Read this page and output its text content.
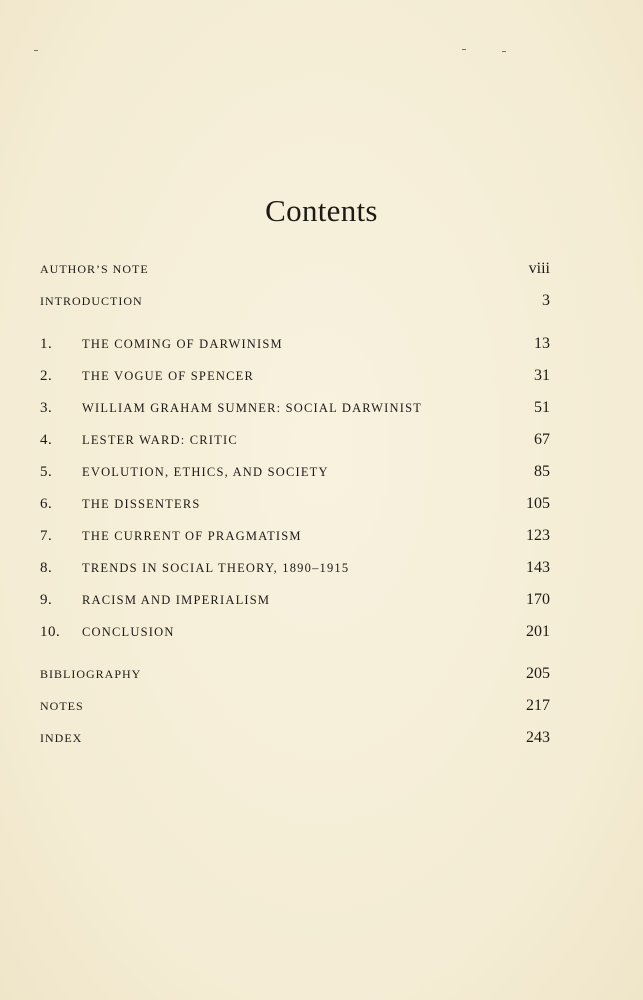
Contents
AUTHOR’S NOTE	viii
INTRODUCTION	3
1.	THE COMING OF DARWINISM	13
2.	THE VOGUE OF SPENCER	31
3.	WILLIAM GRAHAM SUMNER: SOCIAL DARWINIST	51
4.	LESTER WARD: CRITIC	67
5.	EVOLUTION, ETHICS, AND SOCIETY	85
6.	THE DISSENTERS	105
7.	THE CURRENT OF PRAGMATISM	123
8.	TRENDS IN SOCIAL THEORY, 1890–1915	143
9.	RACISM AND IMPERIALISM	170
10.	CONCLUSION	201
BIBLIOGRAPHY	205
NOTES	217
INDEX	243
